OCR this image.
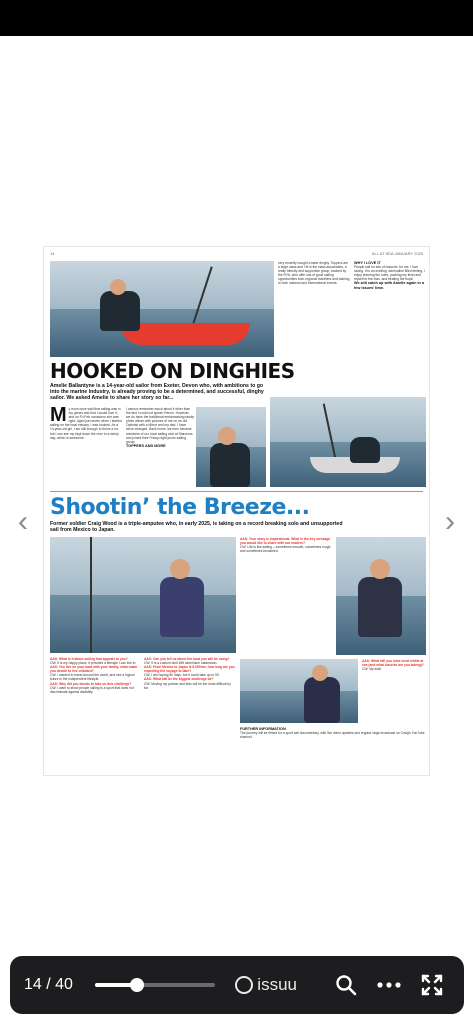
‹	›
14	ALL AT SEA JANUARY 2025
HOOKED ON DINGHIES
Amelie Ballantyne is a 14-year-old sailor from Exeter, Devon who, with ambitions to go into the marine industry, is already proving to be a determined, and successful, dinghy sailor. We asked Amelie to share her story so far...
M y mum once said that sailing was in my genes and that I would love it, and on Fri Feb occasions she was right. Aged just seven when I started sailing on the local estuary, I was hooked. As a 14-year-old girl, I am still enough to thrive a lot, but I can see my kept down the river to a windy day, which is awesome.
I cannot remember much about it other than the fact I could not speak French. However, we do have the traditional embarrassing family photo album with pictures of me on an old Optimist with a Mirror and my dad. I have since changed. Back home, we then became members of our local sailing club at Starcross and joined their Friday night junior sailing group.
TOPPERS AND MORE
very recently bought a laser dinghy. Toppers are a large class and I fit in the class association, a really friendly and supportive group, backed by the RYA, who offer lots of good sailing opportunities from regional travellers and training to both national and international events.
WHY I LOVE IT
People sail for lots of reasons: for me, I love racing. It is an exciting, adrenaline filled feeling. I enjoy learning the rules, pushing my level and myself to the max, and beating the boys!
We will catch up with Amelie again in a few issues' time.
Shootin’ the Breeze...
Former soldier Craig Wood is a triple-amputee who, in early 2025, is taking on a record breaking solo and unsupported sail from Mexico to Japan.
AAS: Your story is inspirational. What is the key message you would like to share with our readers?
CW: Life is like sailing – sometimes smooth, sometimes rough and sometimes becalmed.
AAS: What is it about sailing that appeals to you?
CW: It is my happy place; it provides a lifestyle I can live in.
AAS: You live on your boat with your family; what made you decide to live onboard?
CW: I wanted to travel around the world, and see a logical future in the independent lifestyle.
AAS: Why did you decide to take on this challenge?
CW: I want to show people sailing is a sport that does not discriminate against disability.
AAS: Can you tell us about the boat you will be using?
CW: It is a custom built 45ft aluminium catamaran.
AAS: From Mexico to Japan is 6,000nm; how long are you expecting the voyage to take?
CW: I am hoping 60 days, but it could take up to 90.
AAS: What will be the biggest challenge be?
CW: Moving my partner and kids will be the most difficult by far.
AAS: What will you miss most whilst at sea (and what luxuries are you taking)?
CW: My kids!
FURTHER INFORMATION
The journey will be filmed for a sport sail documentary, with live video updates and regular vlogs broadcast on Craig's YouTube channel.
14 / 40	issuu
